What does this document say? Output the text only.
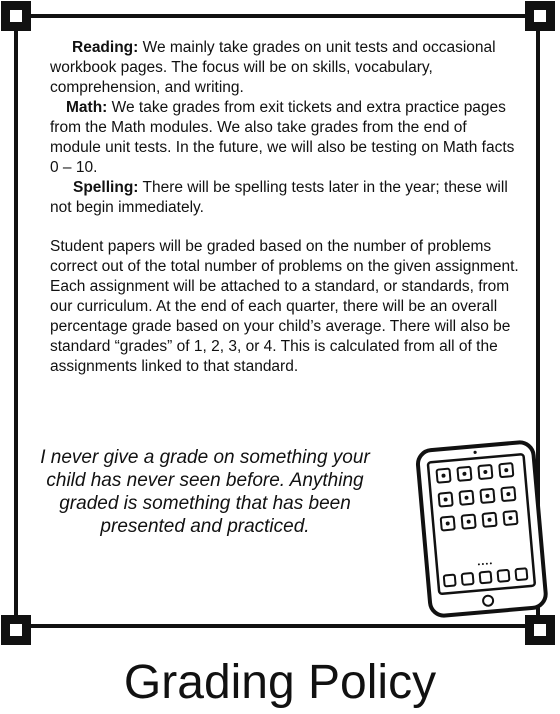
Reading: We mainly take grades on unit tests and occasional workbook pages. The focus will be on skills, vocabulary, comprehension, and writing.

Math: We take grades from exit tickets and extra practice pages from the Math modules. We also take grades from the end of module unit tests. In the future, we will also be testing on Math facts 0 – 10.

Spelling: There will be spelling tests later in the year; these will not begin immediately.

Student papers will be graded based on the number of problems correct out of the total number of problems on the given assignment. Each assignment will be attached to a standard, or standards, from our curriculum. At the end of each quarter, there will be an overall percentage grade based on your child’s average. There will also be standard “grades” of 1, 2, 3, or 4. This is calculated from all of the assignments linked to that standard.

I never give a grade on something your child has never seen before. Anything graded is something that has been presented and practiced.
Grading Policy
